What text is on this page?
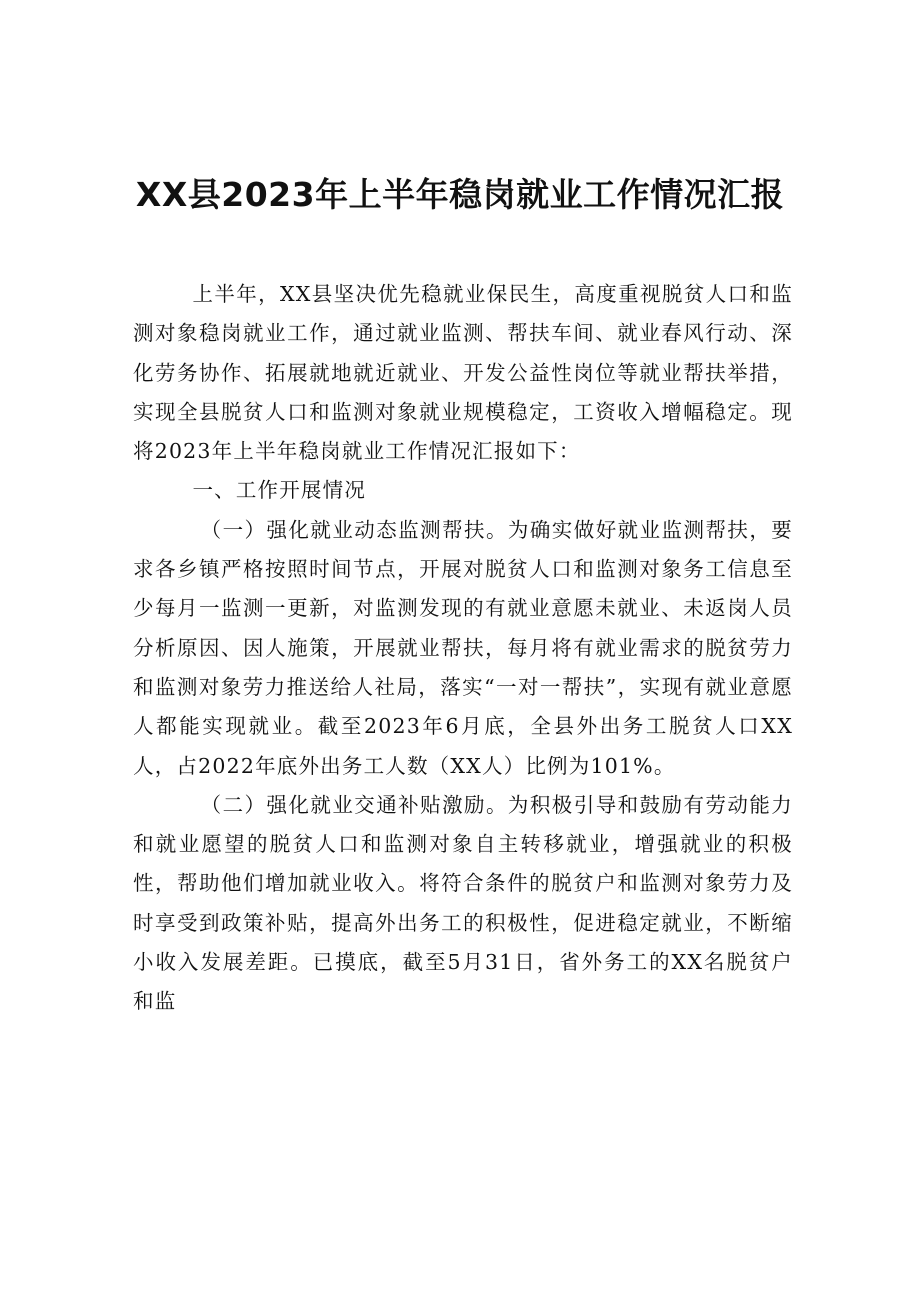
XX县2023年上半年稳岗就业工作情况汇报

上半年，XX县坚决优先稳就业保民生，高度重视脱贫人口和监测对象稳岗就业工作，通过就业监测、帮扶车间、就业春风行动、深化劳务协作、拓展就地就近就业、开发公益性岗位等就业帮扶举措，实现全县脱贫人口和监测对象就业规模稳定，工资收入增幅稳定。现将2023年上半年稳岗就业工作情况汇报如下：

一、工作开展情况

（一）强化就业动态监测帮扶。为确实做好就业监测帮扶，要求各乡镇严格按照时间节点，开展对脱贫人口和监测对象务工信息至少每月一监测一更新，对监测发现的有就业意愿未就业、未返岗人员分析原因、因人施策，开展就业帮扶，每月将有就业需求的脱贫劳力和监测对象劳力推送给人社局，落实“一对一帮扶”，实现有就业意愿人都能实现就业。截至2023年6月底，全县外出务工脱贫人口XX人，占2022年底外出务工人数（XX人）比例为101%。

（二）强化就业交通补贴激励。为积极引导和鼓励有劳动能力和就业愿望的脱贫人口和监测对象自主转移就业，增强就业的积极性，帮助他们增加就业收入。将符合条件的脱贫户和监测对象劳力及时享受到政策补贴，提高外出务工的积极性，促进稳定就业，不断缩小收入发展差距。已摸底，截至5月31日，省外务工的XX名脱贫户和监
